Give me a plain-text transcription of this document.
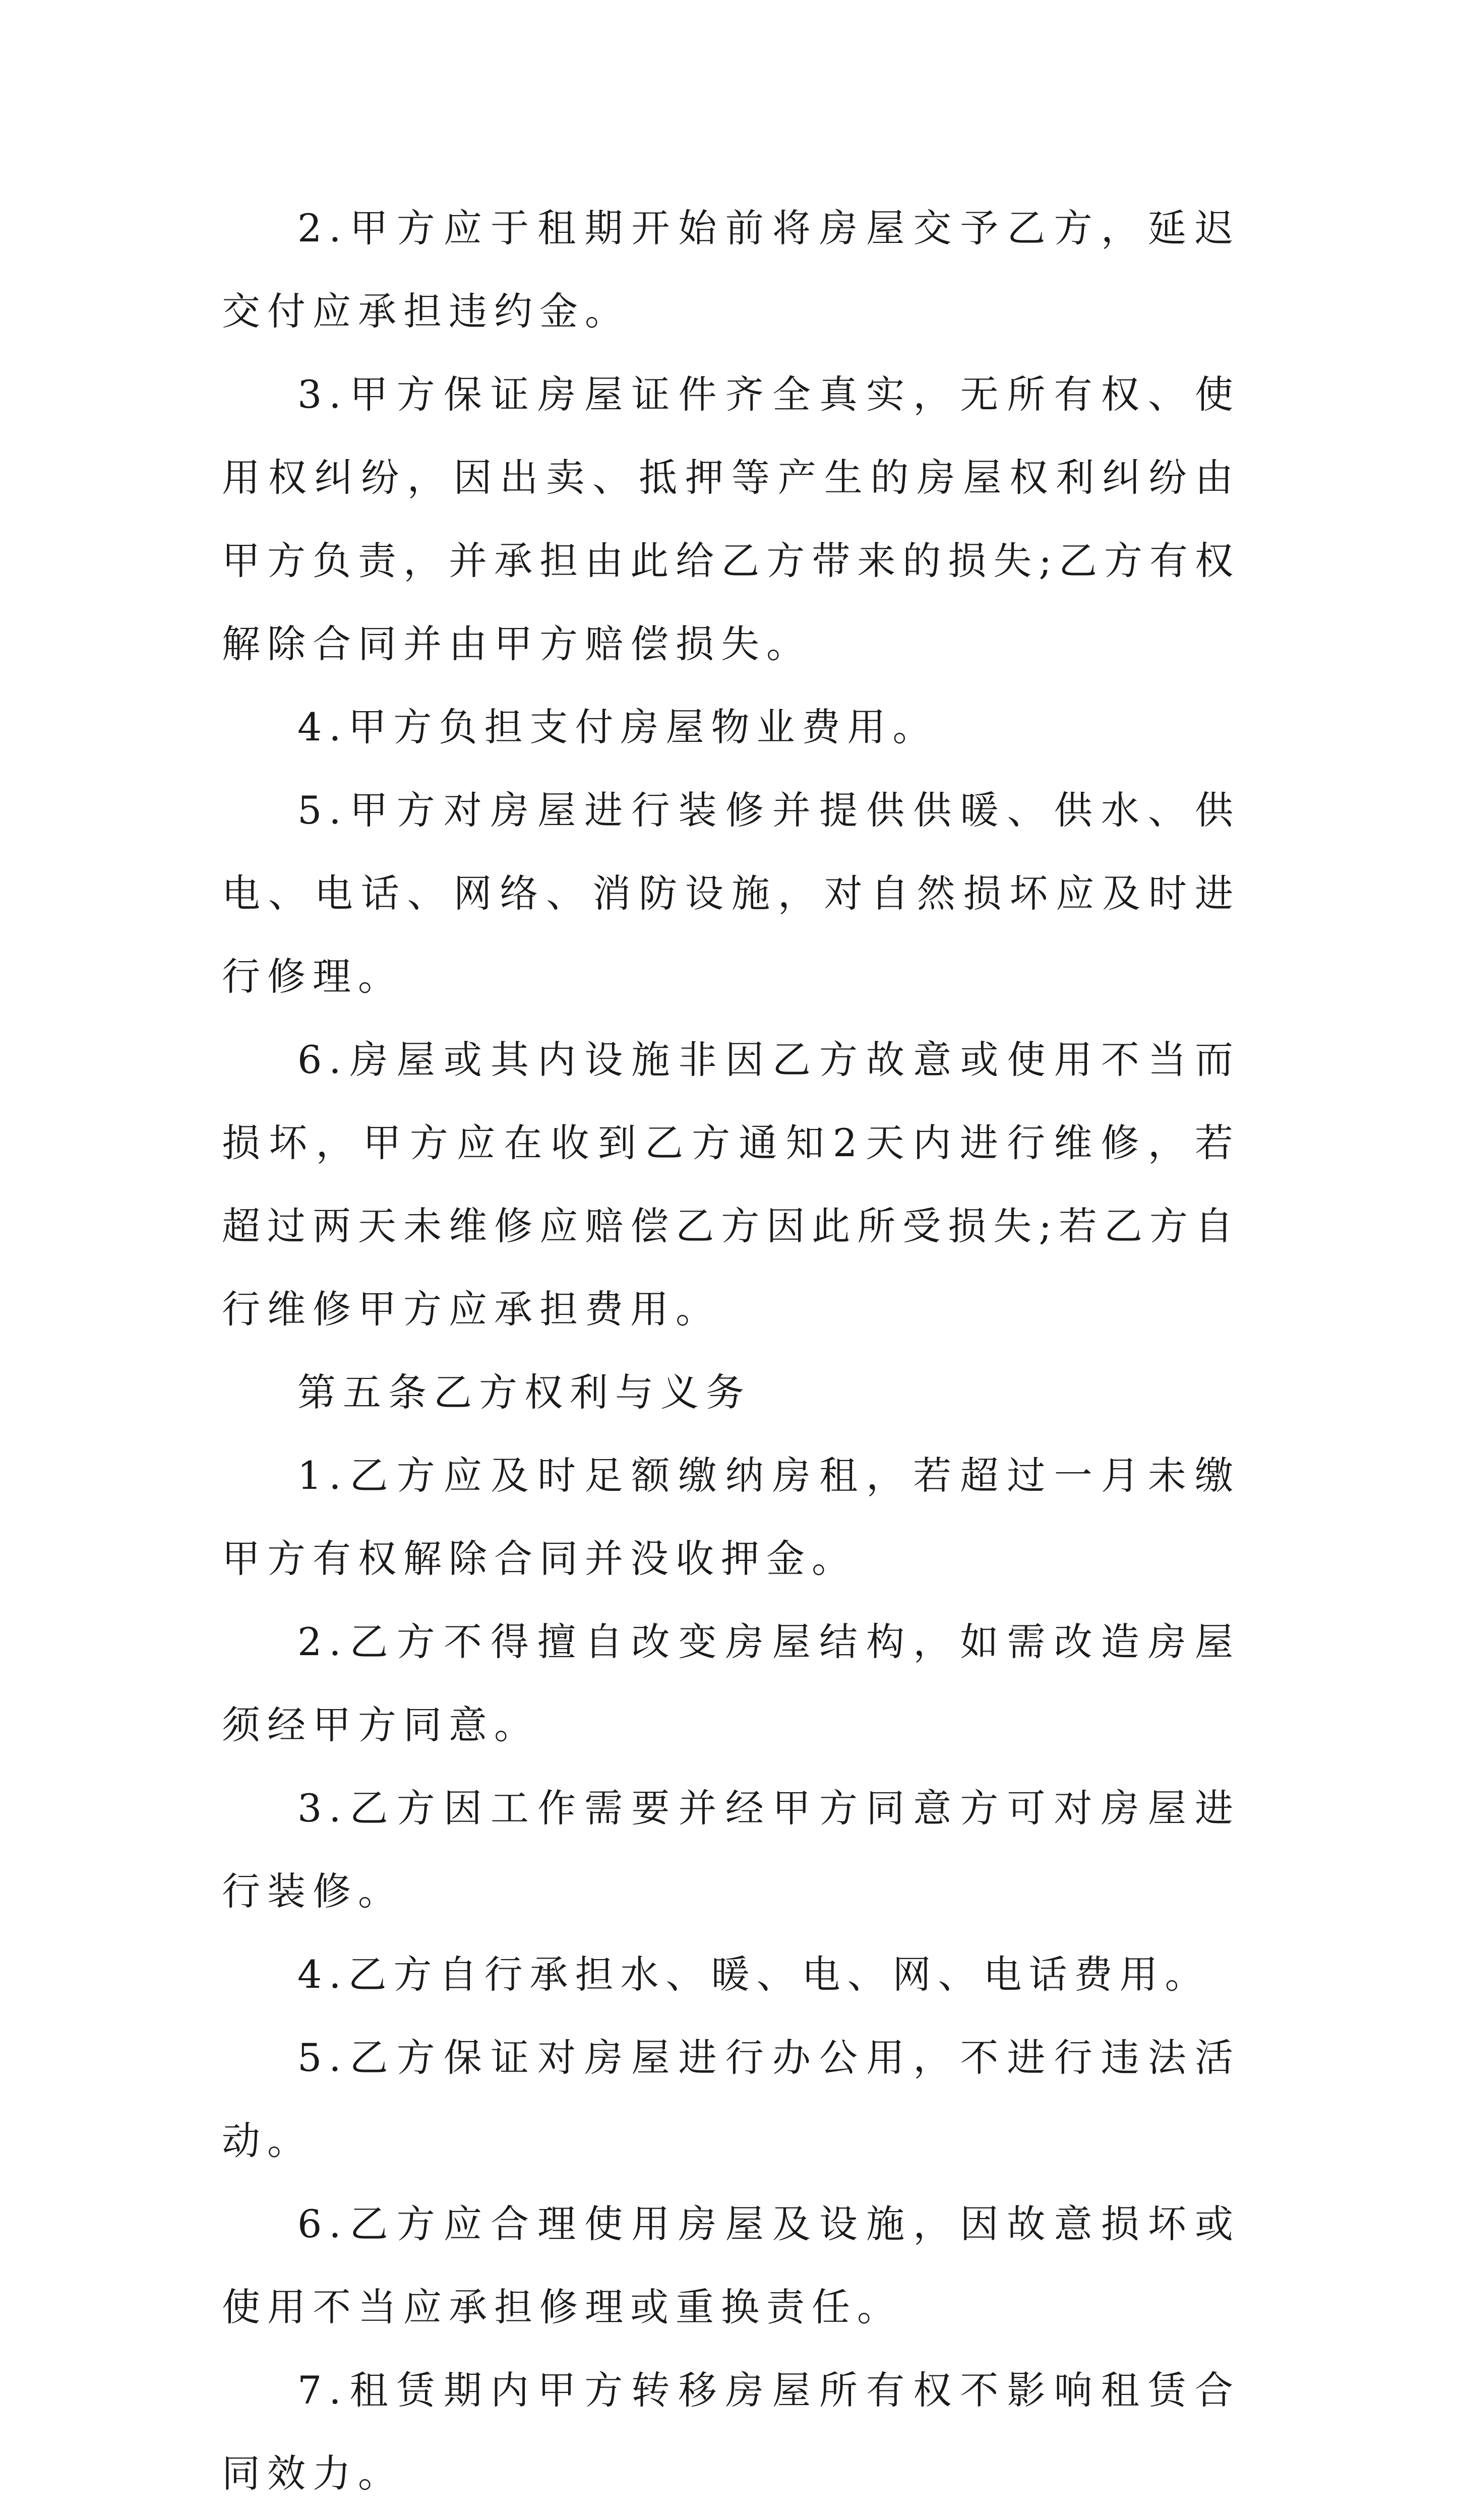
2.甲方应于租期开始前将房屋交予乙方，延迟交付应承担违约金。

3.甲方保证房屋证件齐全真实，无所有权、使用权纠纷，因出卖、抵押等产生的房屋权利纠纷由甲方负责，并承担由此给乙方带来的损失;乙方有权解除合同并由甲方赔偿损失。

4.甲方负担支付房屋物业费用。

5.甲方对房屋进行装修并提供供暖、供水、供电、电话、网络、消防设施，对自然损坏应及时进行修理。

6.房屋或其内设施非因乙方故意或使用不当而损坏，甲方应在收到乙方通知2天内进行维修，若超过两天未维修应赔偿乙方因此所受损失;若乙方自行维修甲方应承担费用。

第五条乙方权利与义务

1.乙方应及时足额缴纳房租，若超过一月未缴甲方有权解除合同并没收押金。

2.乙方不得擅自改变房屋结构，如需改造房屋须经甲方同意。

3.乙方因工作需要并经甲方同意方可对房屋进行装修。

4.乙方自行承担水、暖、电、网、电话费用。

5.乙方保证对房屋进行办公用，不进行违法活动。

6.乙方应合理使用房屋及设施，因故意损坏或使用不当应承担修理或重换责任。

7.租赁期内甲方转移房屋所有权不影响租赁合同效力。
